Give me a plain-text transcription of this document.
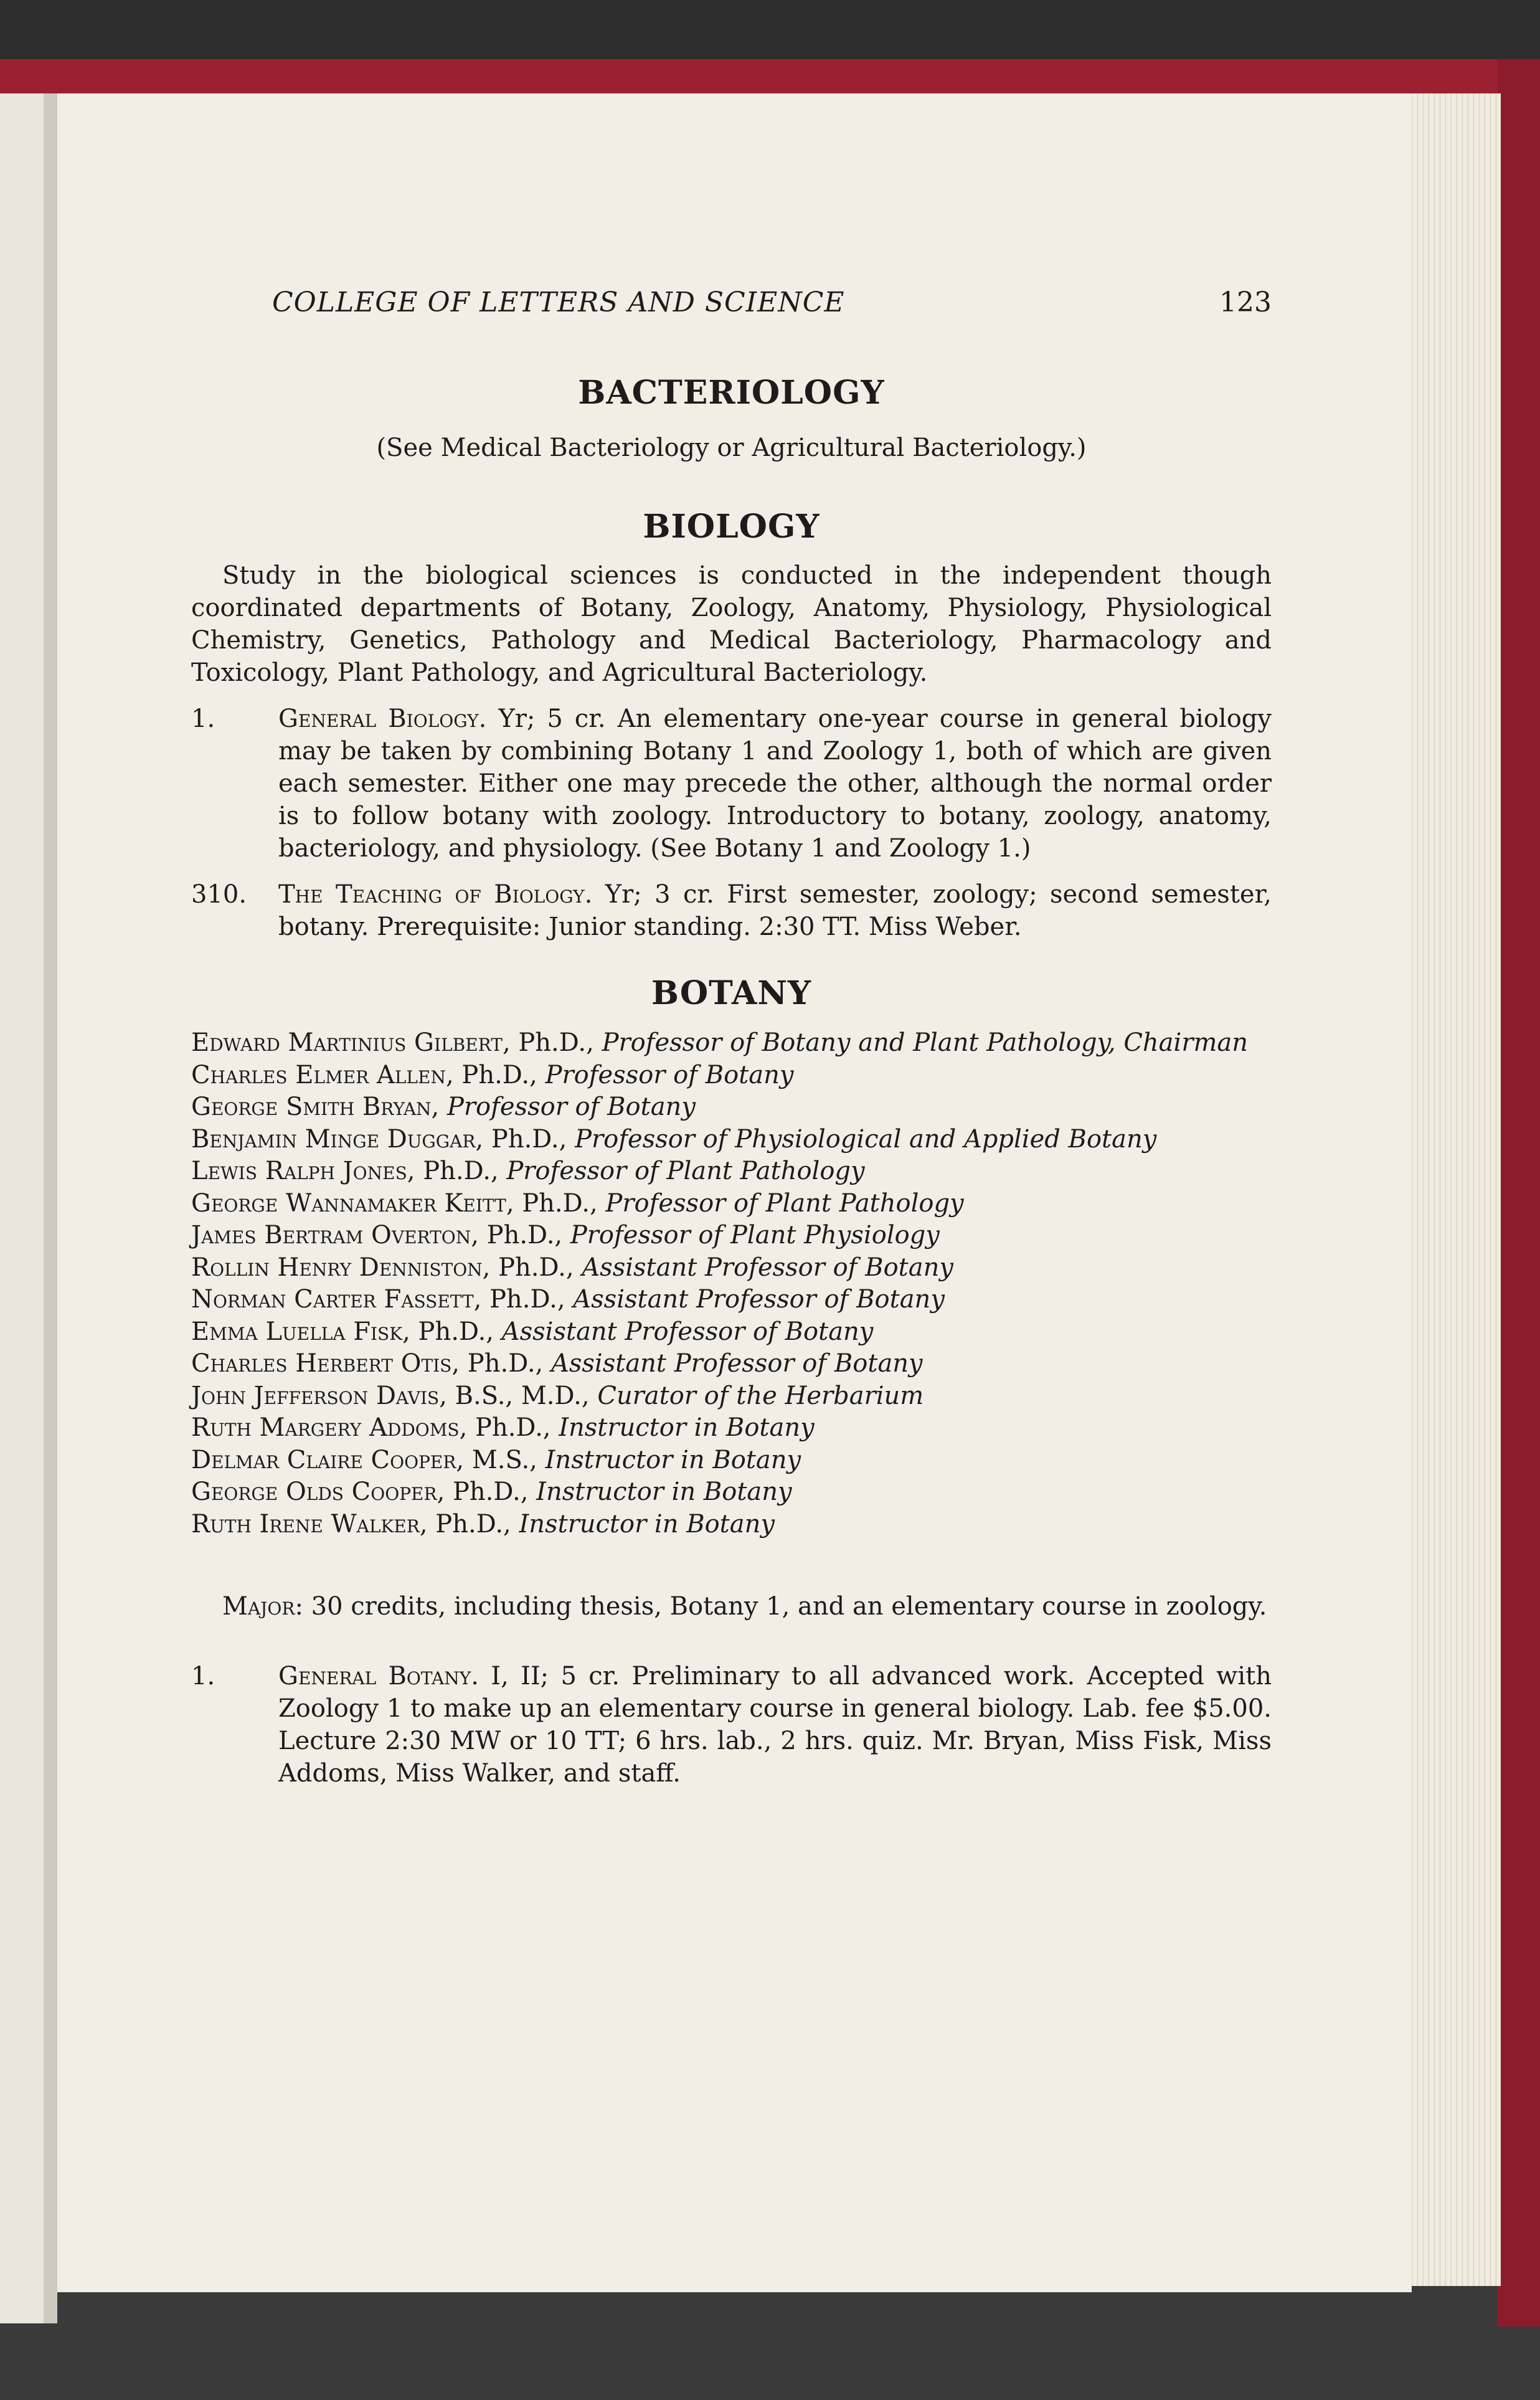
COLLEGE OF LETTERS AND SCIENCE	123
BACTERIOLOGY

(See Medical Bacteriology or Agricultural Bacteriology.)

BIOLOGY

Study in the biological sciences is conducted in the independent though coordinated departments of Botany, Zoology, Anatomy, Physiology, Physiological Chemistry, Genetics, Pathology and Medical Bacteriology, Pharmacology and Toxicology, Plant Pathology, and Agricultural Bacteriology.

1.	General Biology. Yr; 5 cr. An elementary one-year course in general biology may be taken by combining Botany 1 and Zoology 1, both of which are given each semester. Either one may precede the other, although the normal order is to follow botany with zoology. Introductory to botany, zoology, anatomy, bacteriology, and physiology. (See Botany 1 and Zoology 1.)
310. The Teaching of Biology. Yr; 3 cr. First semester, zoology; second semester, botany. Prerequisite: Junior standing. 2:30 TT. Miss Weber.
BOTANY
Edward Martinius Gilbert, Ph.D., Professor of Botany and Plant Pathology, Chairman
Charles Elmer Allen, Ph.D., Professor of Botany
George Smith Bryan, Professor of Botany
Benjamin Minge Duggar, Ph.D., Professor of Physiological and Applied Botany
Lewis Ralph Jones, Ph.D., Professor of Plant Pathology
George Wannamaker Keitt, Ph.D., Professor of Plant Pathology
James Bertram Overton, Ph.D., Professor of Plant Physiology
Rollin Henry Denniston, Ph.D., Assistant Professor of Botany
Norman Carter Fassett, Ph.D., Assistant Professor of Botany
Emma Luella Fisk, Ph.D., Assistant Professor of Botany
Charles Herbert Otis, Ph.D., Assistant Professor of Botany
John Jefferson Davis, B.S., M.D., Curator of the Herbarium
Ruth Margery Addoms, Ph.D., Instructor in Botany
Delmar Claire Cooper, M.S., Instructor in Botany
George Olds Cooper, Ph.D., Instructor in Botany
Ruth Irene Walker, Ph.D., Instructor in Botany

Major: 30 credits, including thesis, Botany 1, and an elementary course in zoology.

1.	General Botany. I, II; 5 cr. Preliminary to all advanced work. Accepted with Zoology 1 to make up an elementary course in general biology. Lab. fee $5.00. Lecture 2:30 MW or 10 TT; 6 hrs. lab., 2 hrs. quiz. Mr. Bryan, Miss Fisk, Miss Addoms, Miss Walker, and staff.
